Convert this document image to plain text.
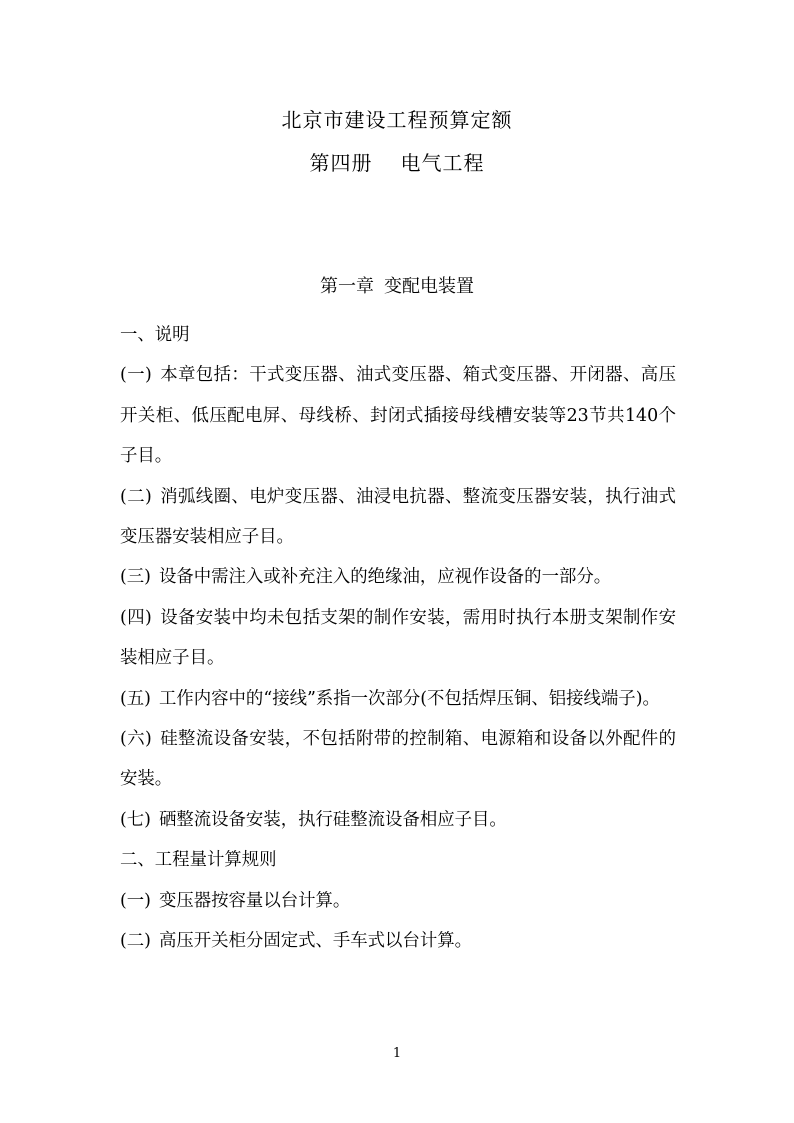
北京市建设工程预算定额
第四册 电气工程
第一章 变配电装置

一、说明

(一) 本章包括：干式变压器、油式变压器、箱式变压器、开闭器、高压开关柜、低压配电屏、母线桥、封闭式插接母线槽安装等23节共140个子目。

(二) 消弧线圈、电炉变压器、油浸电抗器、整流变压器安装，执行油式变压器安装相应子目。

(三) 设备中需注入或补充注入的绝缘油，应视作设备的一部分。

(四) 设备安装中均未包括支架的制作安装，需用时执行本册支架制作安装相应子目。

(五) 工作内容中的“接线”系指一次部分(不包括焊压铜、铝接线端子)。

(六) 硅整流设备安装，不包括附带的控制箱、电源箱和设备以外配件的安装。

(七) 硒整流设备安装，执行硅整流设备相应子目。

二、工程量计算规则

(一) 变压器按容量以台计算。

(二) 高压开关柜分固定式、手车式以台计算。

1
